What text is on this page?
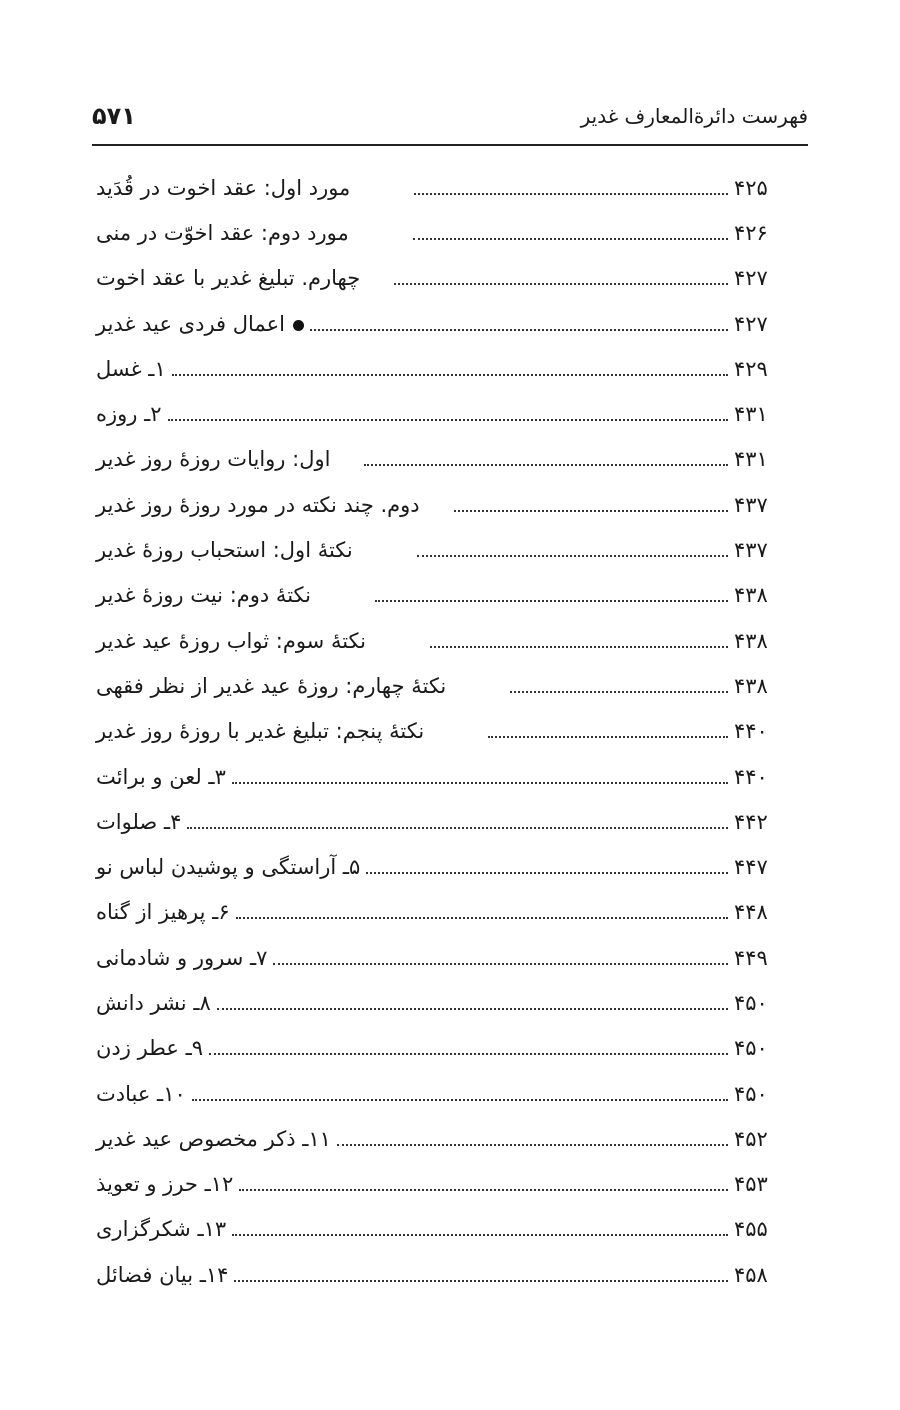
۵۷۱	فهرست دائرةالمعارف غدیر
مورد اول: عقد اخوت در قُدَید	۴۲۵
مورد دوم: عقد اخوّت در منی	۴۲۶
چهارم. تبلیغ غدیر با عقد اخوت	۴۲۷
اعمال فردی عید غدیر	۴۲۷
۱ـ غسل	۴۲۹
۲ـ روزه	۴۳۱
اول: روایات روزهٔ روز غدیر	۴۳۱
دوم. چند نکته در مورد روزهٔ روز غدیر	۴۳۷
نکتهٔ اول: استحباب روزهٔ غدیر	۴۳۷
نکتهٔ دوم: نیت روزهٔ غدیر	۴۳۸
نکتهٔ سوم: ثواب روزهٔ عید غدیر	۴۳۸
نکتهٔ چهارم: روزهٔ عید غدیر از نظر فقهی	۴۳۸
نکتهٔ پنجم: تبلیغ غدیر با روزهٔ روز غدیر	۴۴۰
۳ـ لعن و برائت	۴۴۰
۴ـ صلوات	۴۴۲
۵ـ آراستگی و پوشیدن لباس نو	۴۴۷
۶ـ پرهیز از گناه	۴۴۸
۷ـ سرور و شادمانی	۴۴۹
۸ـ نشر دانش	۴۵۰
۹ـ عطر زدن	۴۵۰
۱۰ـ عبادت	۴۵۰
۱۱ـ ذکر مخصوص عید غدیر	۴۵۲
۱۲ـ حرز و تعویذ	۴۵۳
۱۳ـ شکرگزاری	۴۵۵
۱۴ـ بیان فضائل	۴۵۸
